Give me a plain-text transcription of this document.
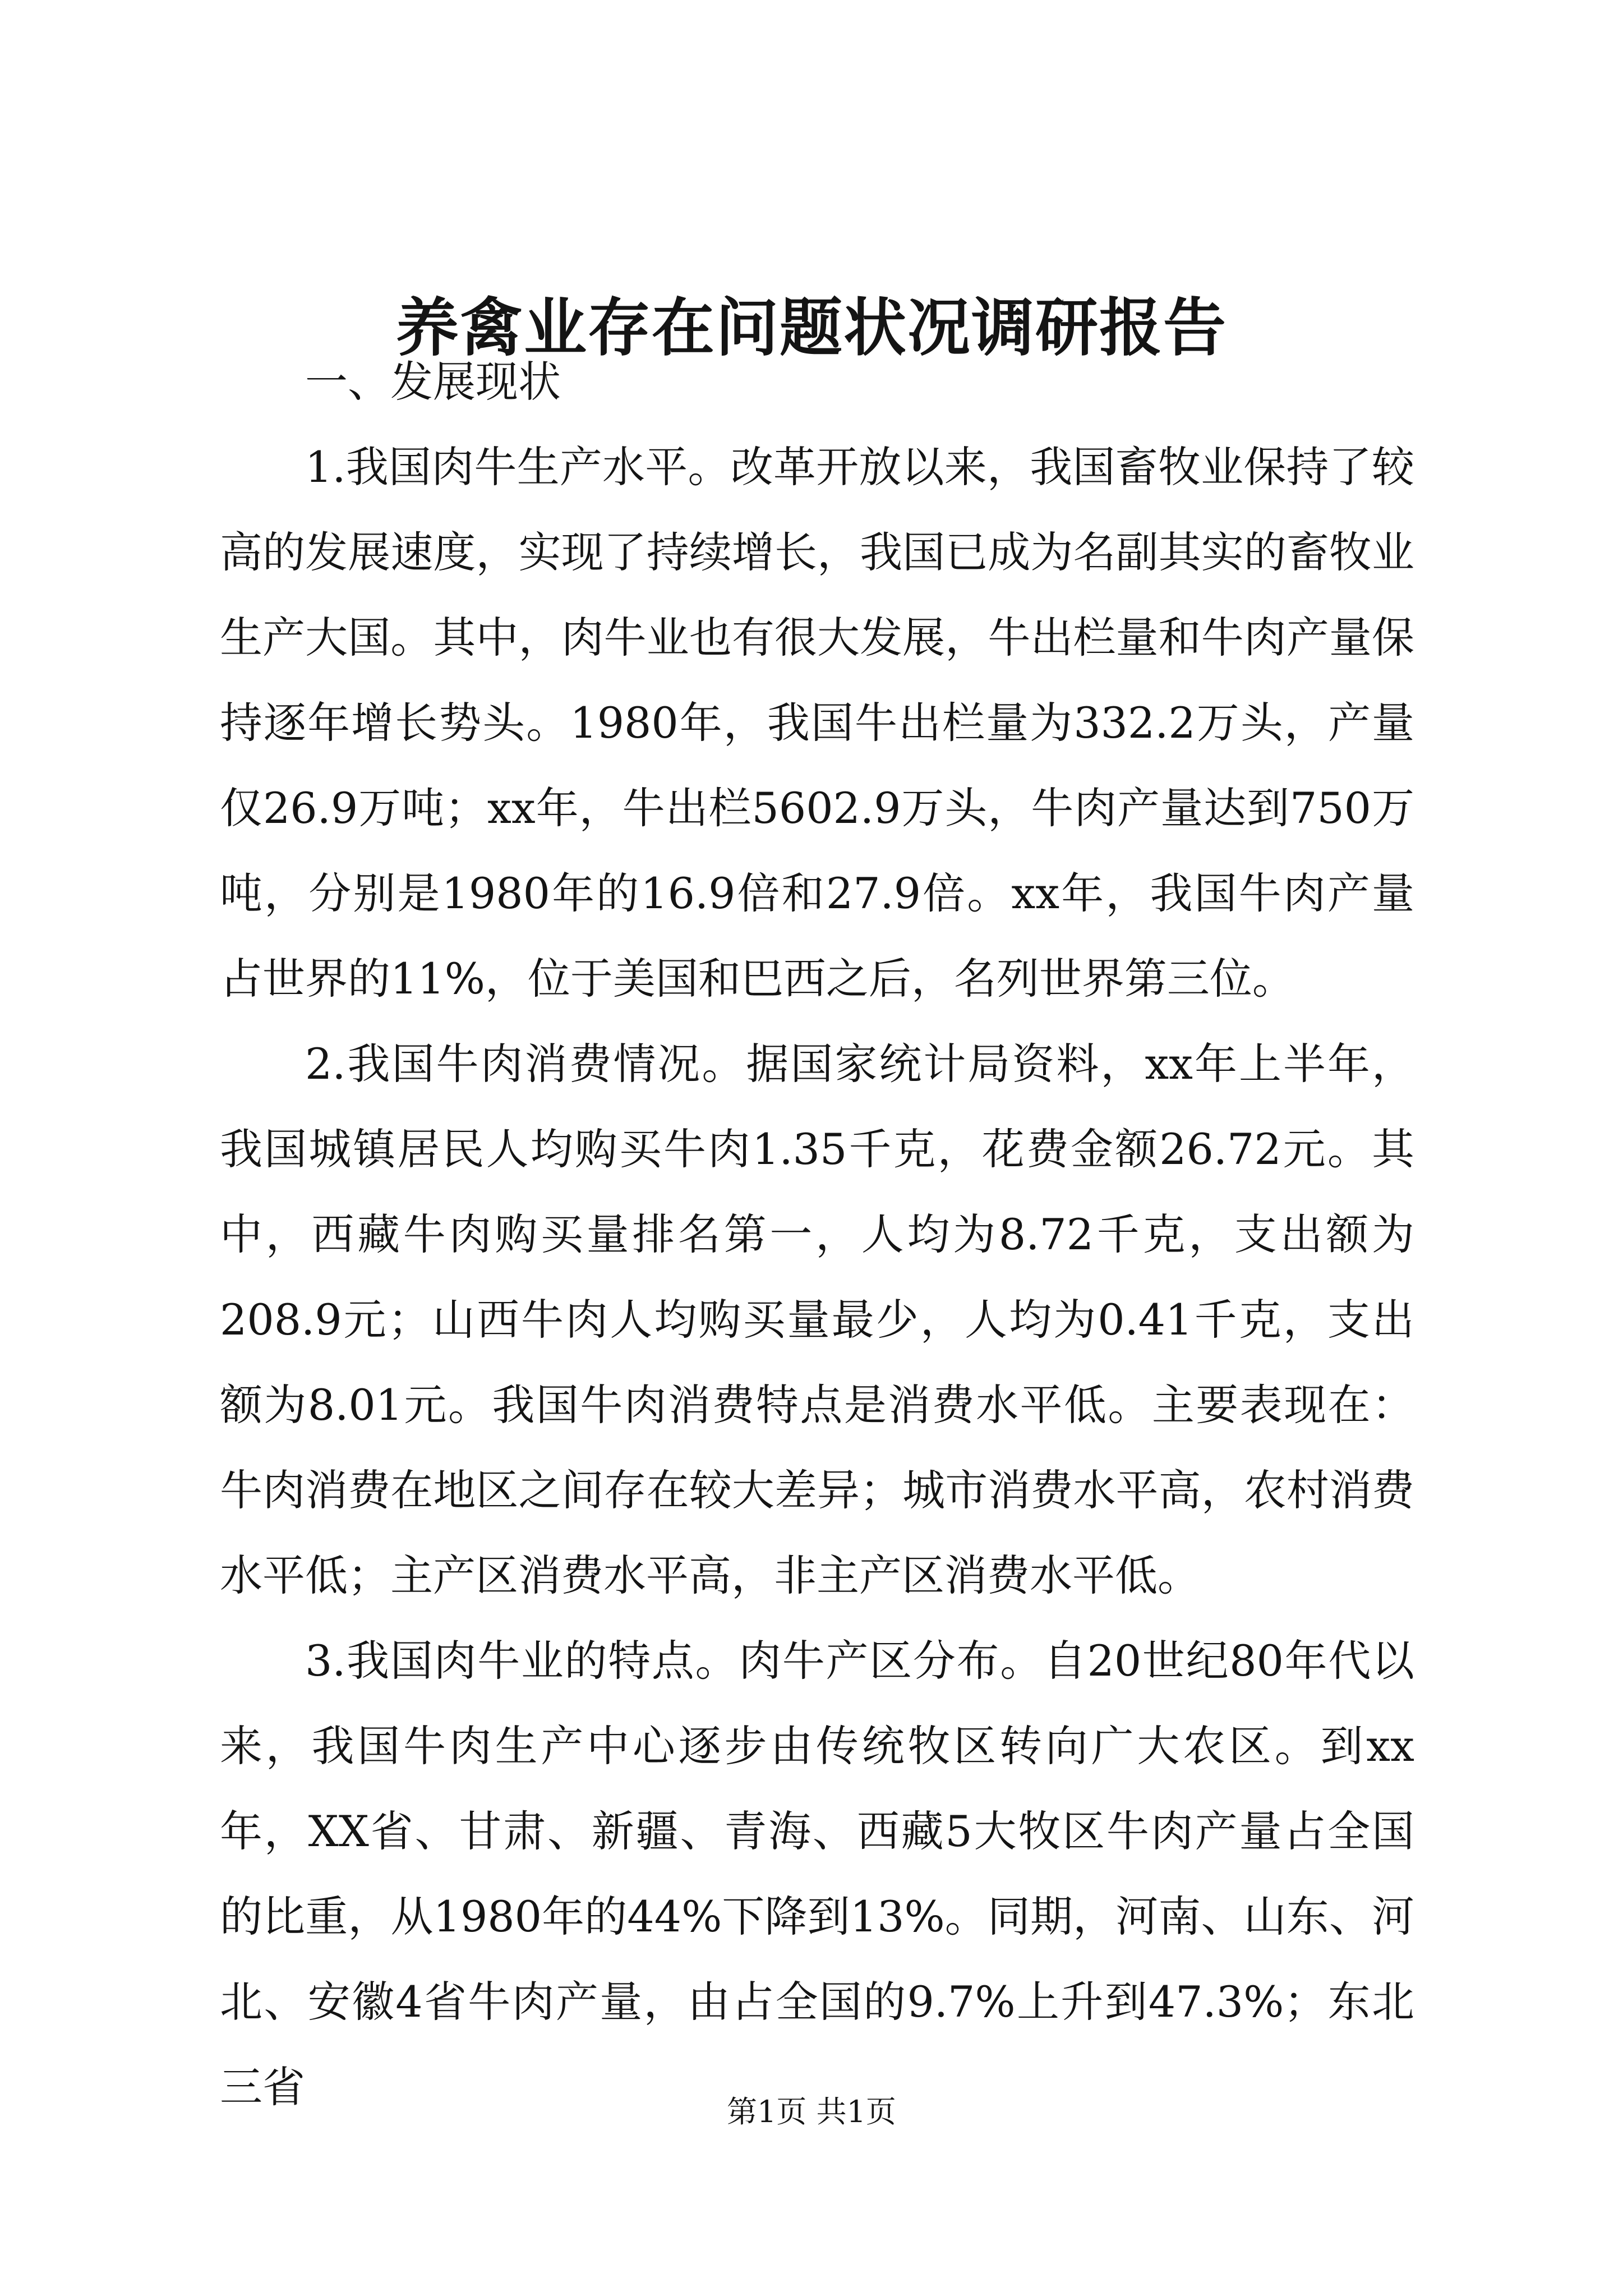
养禽业存在问题状况调研报告

一、发展现状

1.我国肉牛生产水平。改革开放以来，我国畜牧业保持了较高的发展速度，实现了持续增长，我国已成为名副其实的畜牧业生产大国。其中，肉牛业也有很大发展，牛出栏量和牛肉产量保持逐年增长势头。1980年，我国牛出栏量为332.2万头，产量仅26.9万吨；xx年，牛出栏5602.9万头，牛肉产量达到750万吨，分别是1980年的16.9倍和27.9倍。xx年，我国牛肉产量占世界的11%，位于美国和巴西之后，名列世界第三位。

2.我国牛肉消费情况。据国家统计局资料，xx年上半年，我国城镇居民人均购买牛肉1.35千克，花费金额26.72元。其中，西藏牛肉购买量排名第一，人均为8.72千克，支出额为208.9元；山西牛肉人均购买量最少，人均为0.41千克，支出额为8.01元。我国牛肉消费特点是消费水平低。主要表现在：牛肉消费在地区之间存在较大差异；城市消费水平高，农村消费水平低；主产区消费水平高，非主产区消费水平低。

3.我国肉牛业的特点。肉牛产区分布。自20世纪80年代以来，我国牛肉生产中心逐步由传统牧区转向广大农区。到xx年，XX省、甘肃、新疆、青海、西藏5大牧区牛肉产量占全国的比重，从1980年的44%下降到13%。同期，河南、山东、河北、安徽4省牛肉产量，由占全国的9.7%上升到47.3%；东北三省	第1页 共1页
